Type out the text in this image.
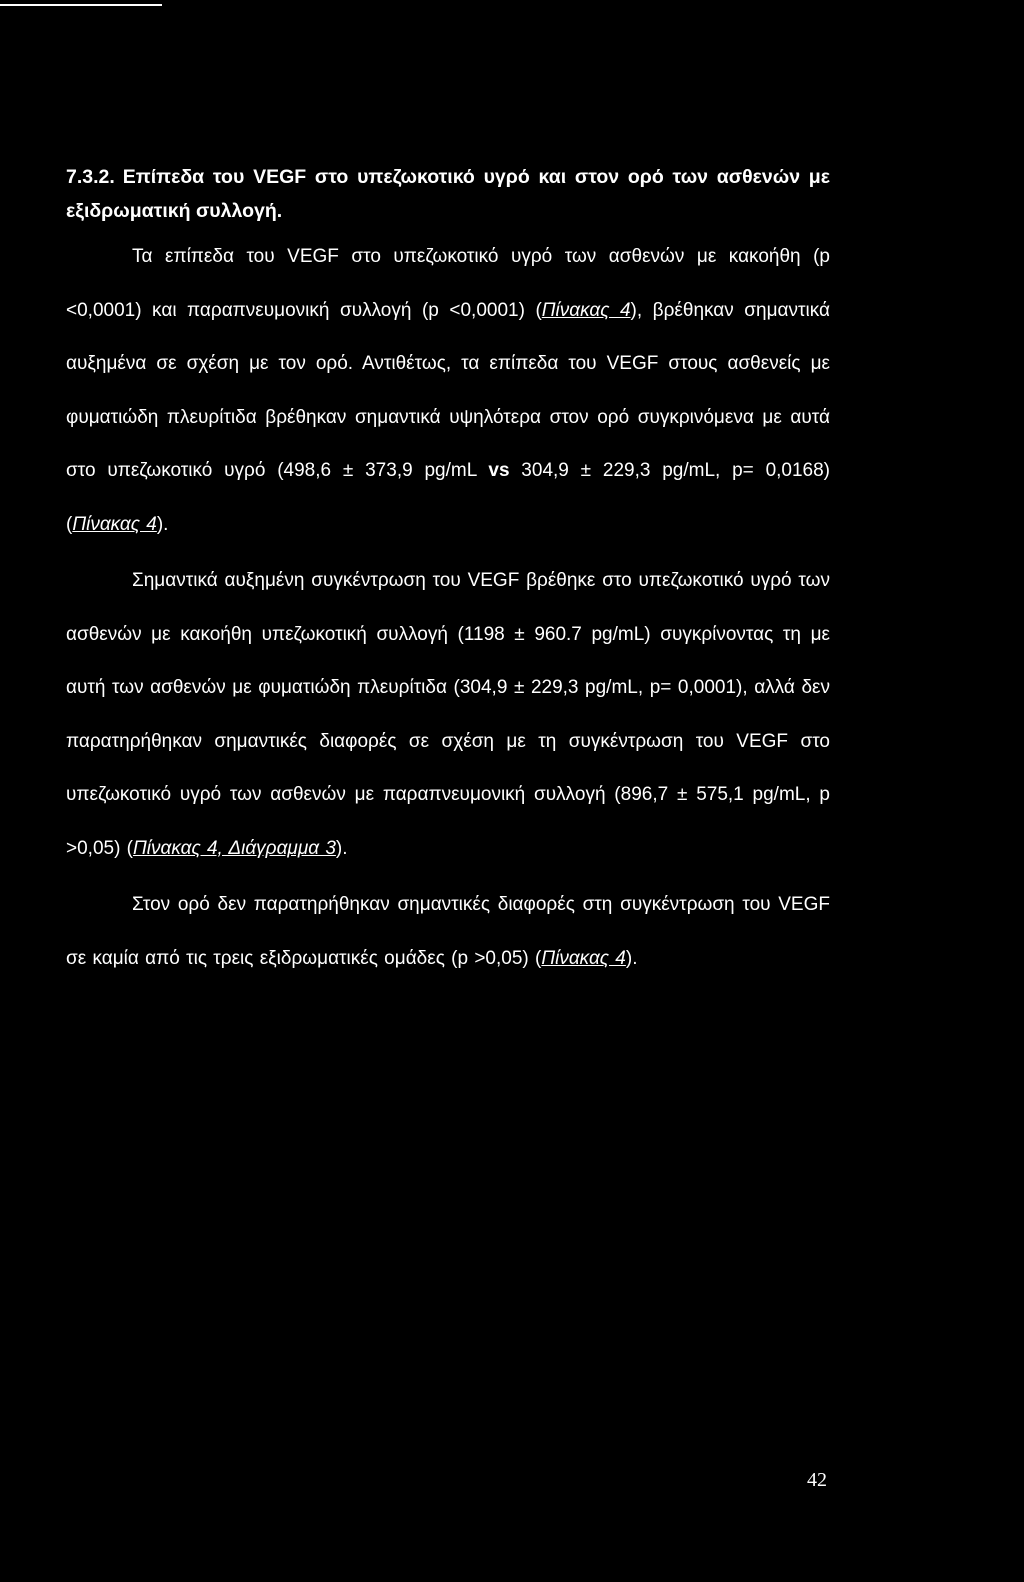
7.3.2. Επίπεδα του VEGF στο υπεζωκοτικό υγρό και στον ορό των ασθενών με εξιδρωματική συλλογή.

Τα επίπεδα του VEGF στο υπεζωκοτικό υγρό των ασθενών με κακοήθη (p <0,0001) και παραπνευμονική συλλογή (p <0,0001) (Πίνακας 4), βρέθηκαν σημαντικά αυξημένα σε σχέση με τον ορό. Αντιθέτως, τα επίπεδα του VEGF στους ασθενείς με φυματιώδη πλευρίτιδα βρέθηκαν σημαντικά υψηλότερα στον ορό συγκρινόμενα με αυτά στο υπεζωκοτικό υγρό (498,6 ± 373,9 pg/mL vs 304,9 ± 229,3 pg/mL, p= 0,0168) (Πίνακας 4).

Σημαντικά αυξημένη συγκέντρωση του VEGF βρέθηκε στο υπεζωκοτικό υγρό των ασθενών με κακοήθη υπεζωκοτική συλλογή (1198 ± 960.7 pg/mL) συγκρίνοντας τη με αυτή των ασθενών με φυματιώδη πλευρίτιδα (304,9 ± 229,3 pg/mL, p= 0,0001), αλλά δεν παρατηρήθηκαν σημαντικές διαφορές σε σχέση με τη συγκέντρωση του VEGF στο υπεζωκοτικό υγρό των ασθενών με παραπνευμονική συλλογή (896,7 ± 575,1 pg/mL, p >0,05) (Πίνακας 4, Διάγραμμα 3).

Στον ορό δεν παρατηρήθηκαν σημαντικές διαφορές στη συγκέντρωση του VEGF σε καμία από τις τρεις εξιδρωματικές ομάδες (p >0,05) (Πίνακας 4).

42
